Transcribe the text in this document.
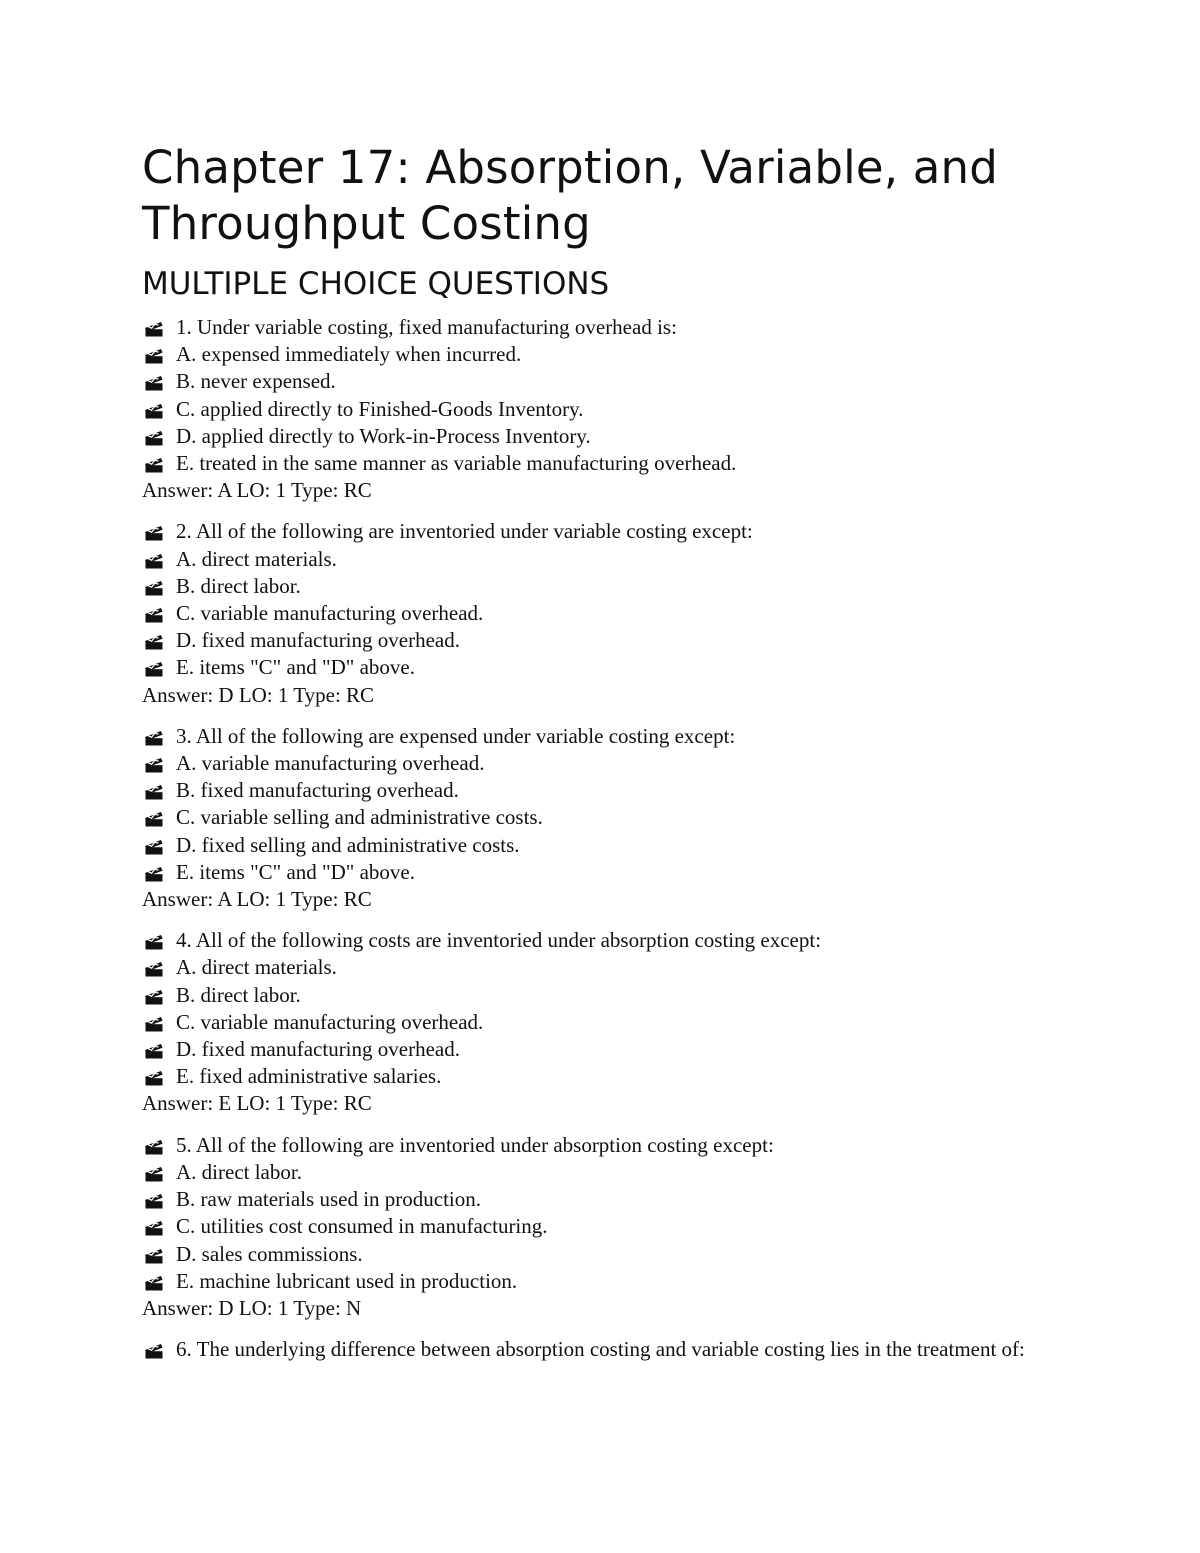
Chapter 17: Absorption, Variable, and Throughput Costing
MULTIPLE CHOICE QUESTIONS
1. Under variable costing, fixed manufacturing overhead is:
A. expensed immediately when incurred.
B. never expensed.
C. applied directly to Finished-Goods Inventory.
D. applied directly to Work-in-Process Inventory.
E. treated in the same manner as variable manufacturing overhead.
Answer: A LO: 1 Type: RC
2. All of the following are inventoried under variable costing except:
A. direct materials.
B. direct labor.
C. variable manufacturing overhead.
D. fixed manufacturing overhead.
E. items "C" and "D" above.
Answer: D LO: 1 Type: RC
3. All of the following are expensed under variable costing except:
A. variable manufacturing overhead.
B. fixed manufacturing overhead.
C. variable selling and administrative costs.
D. fixed selling and administrative costs.
E. items "C" and "D" above.
Answer: A LO: 1 Type: RC
4. All of the following costs are inventoried under absorption costing except:
A. direct materials.
B. direct labor.
C. variable manufacturing overhead.
D. fixed manufacturing overhead.
E. fixed administrative salaries.
Answer: E LO: 1 Type: RC
5. All of the following are inventoried under absorption costing except:
A. direct labor.
B. raw materials used in production.
C. utilities cost consumed in manufacturing.
D. sales commissions.
E. machine lubricant used in production.
Answer: D LO: 1 Type: N
6. The underlying difference between absorption costing and variable costing lies in the treatment of:
